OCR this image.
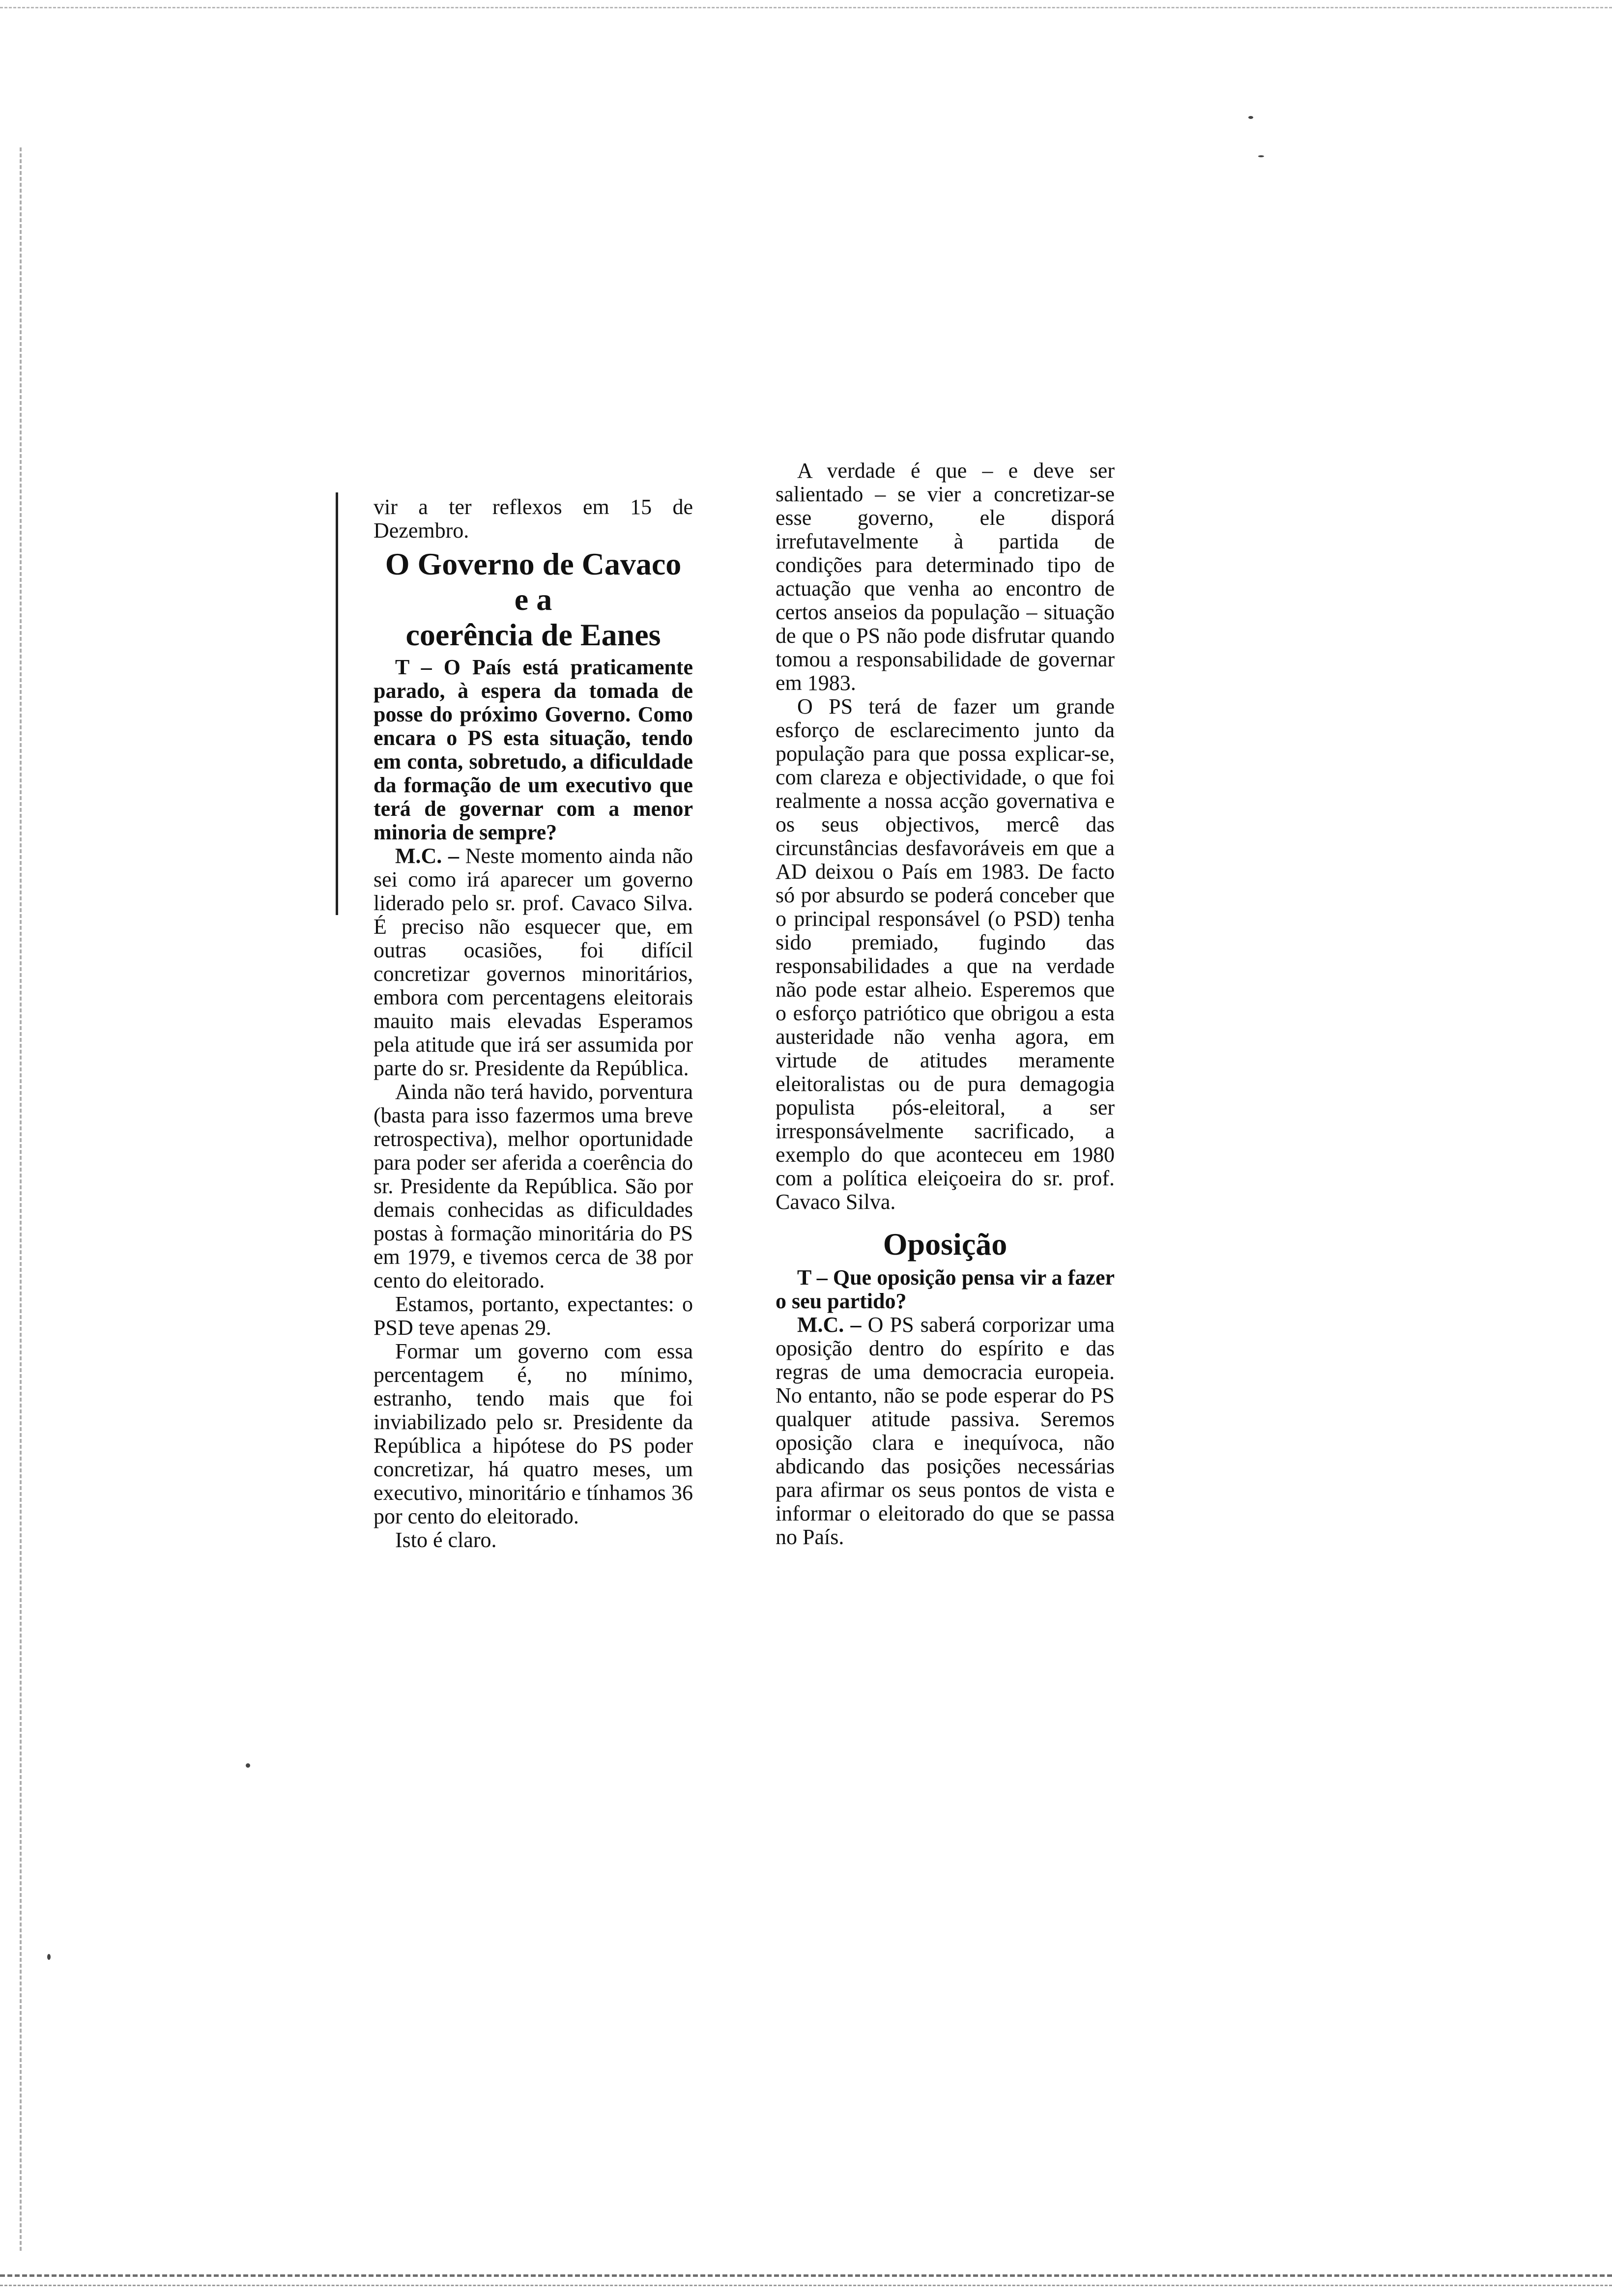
vir a ter reflexos em 15 de Dezembro.

O Governo de Cavaco
e a
coerência de Eanes

T – O País está praticamente parado, à espera da tomada de posse do próximo Governo. Como encara o PS esta situação, tendo em conta, sobretudo, a dificuldade da formação de um executivo que terá de governar com a menor minoria de sempre?

M.C. – Neste momento ainda não sei como irá aparecer um governo liderado pelo sr. prof. Cavaco Silva. É preciso não esquecer que, em outras ocasiões, foi difícil concretizar governos minoritários, embora com percentagens eleitorais mauito mais elevadas Esperamos pela atitude que irá ser assumida por parte do sr. Presidente da República.

Ainda não terá havido, porventura (basta para isso fazermos uma breve retrospectiva), melhor oportunidade para poder ser aferida a coerência do sr. Presidente da República. São por demais conhecidas as dificuldades postas à formação minoritária do PS em 1979, e tivemos cerca de 38 por cento do eleitorado.

Estamos, portanto, expectantes: o PSD teve apenas 29.

Formar um governo com essa percentagem é, no mínimo, estranho, tendo mais que foi inviabilizado pelo sr. Presidente da República a hipótese do PS poder concretizar, há quatro meses, um executivo, minoritário e tínhamos 36 por cento do eleitorado.

Isto é claro.

A verdade é que – e deve ser salientado – se vier a concretizar-se esse governo, ele disporá irrefutavelmente à partida de condições para determinado tipo de actuação que venha ao encontro de certos anseios da população – situação de que o PS não pode disfrutar quando tomou a responsabilidade de governar em 1983.

O PS terá de fazer um grande esforço de esclarecimento junto da população para que possa explicar-se, com clareza e objectividade, o que foi realmente a nossa acção governativa e os seus objectivos, mercê das circunstâncias desfavoráveis em que a AD deixou o País em 1983. De facto só por absurdo se poderá conceber que o principal responsável (o PSD) tenha sido premiado, fugindo das responsabilidades a que na verdade não pode estar alheio. Esperemos que o esforço patriótico que obrigou a esta austeridade não venha agora, em virtude de atitudes meramente eleitoralistas ou de pura demagogia populista pós-eleitoral, a ser irresponsávelmente sacrificado, a exemplo do que aconteceu em 1980 com a política eleiçoeira do sr. prof. Cavaco Silva.

Oposição

T – Que oposição pensa vir a fazer o seu partido?

M.C. – O PS saberá corporizar uma oposição dentro do espírito e das regras de uma democracia europeia. No entanto, não se pode esperar do PS qualquer atitude passiva. Seremos oposição clara e inequívoca, não abdicando das posições necessárias para afirmar os seus pontos de vista e informar o eleitorado do que se passa no País.
